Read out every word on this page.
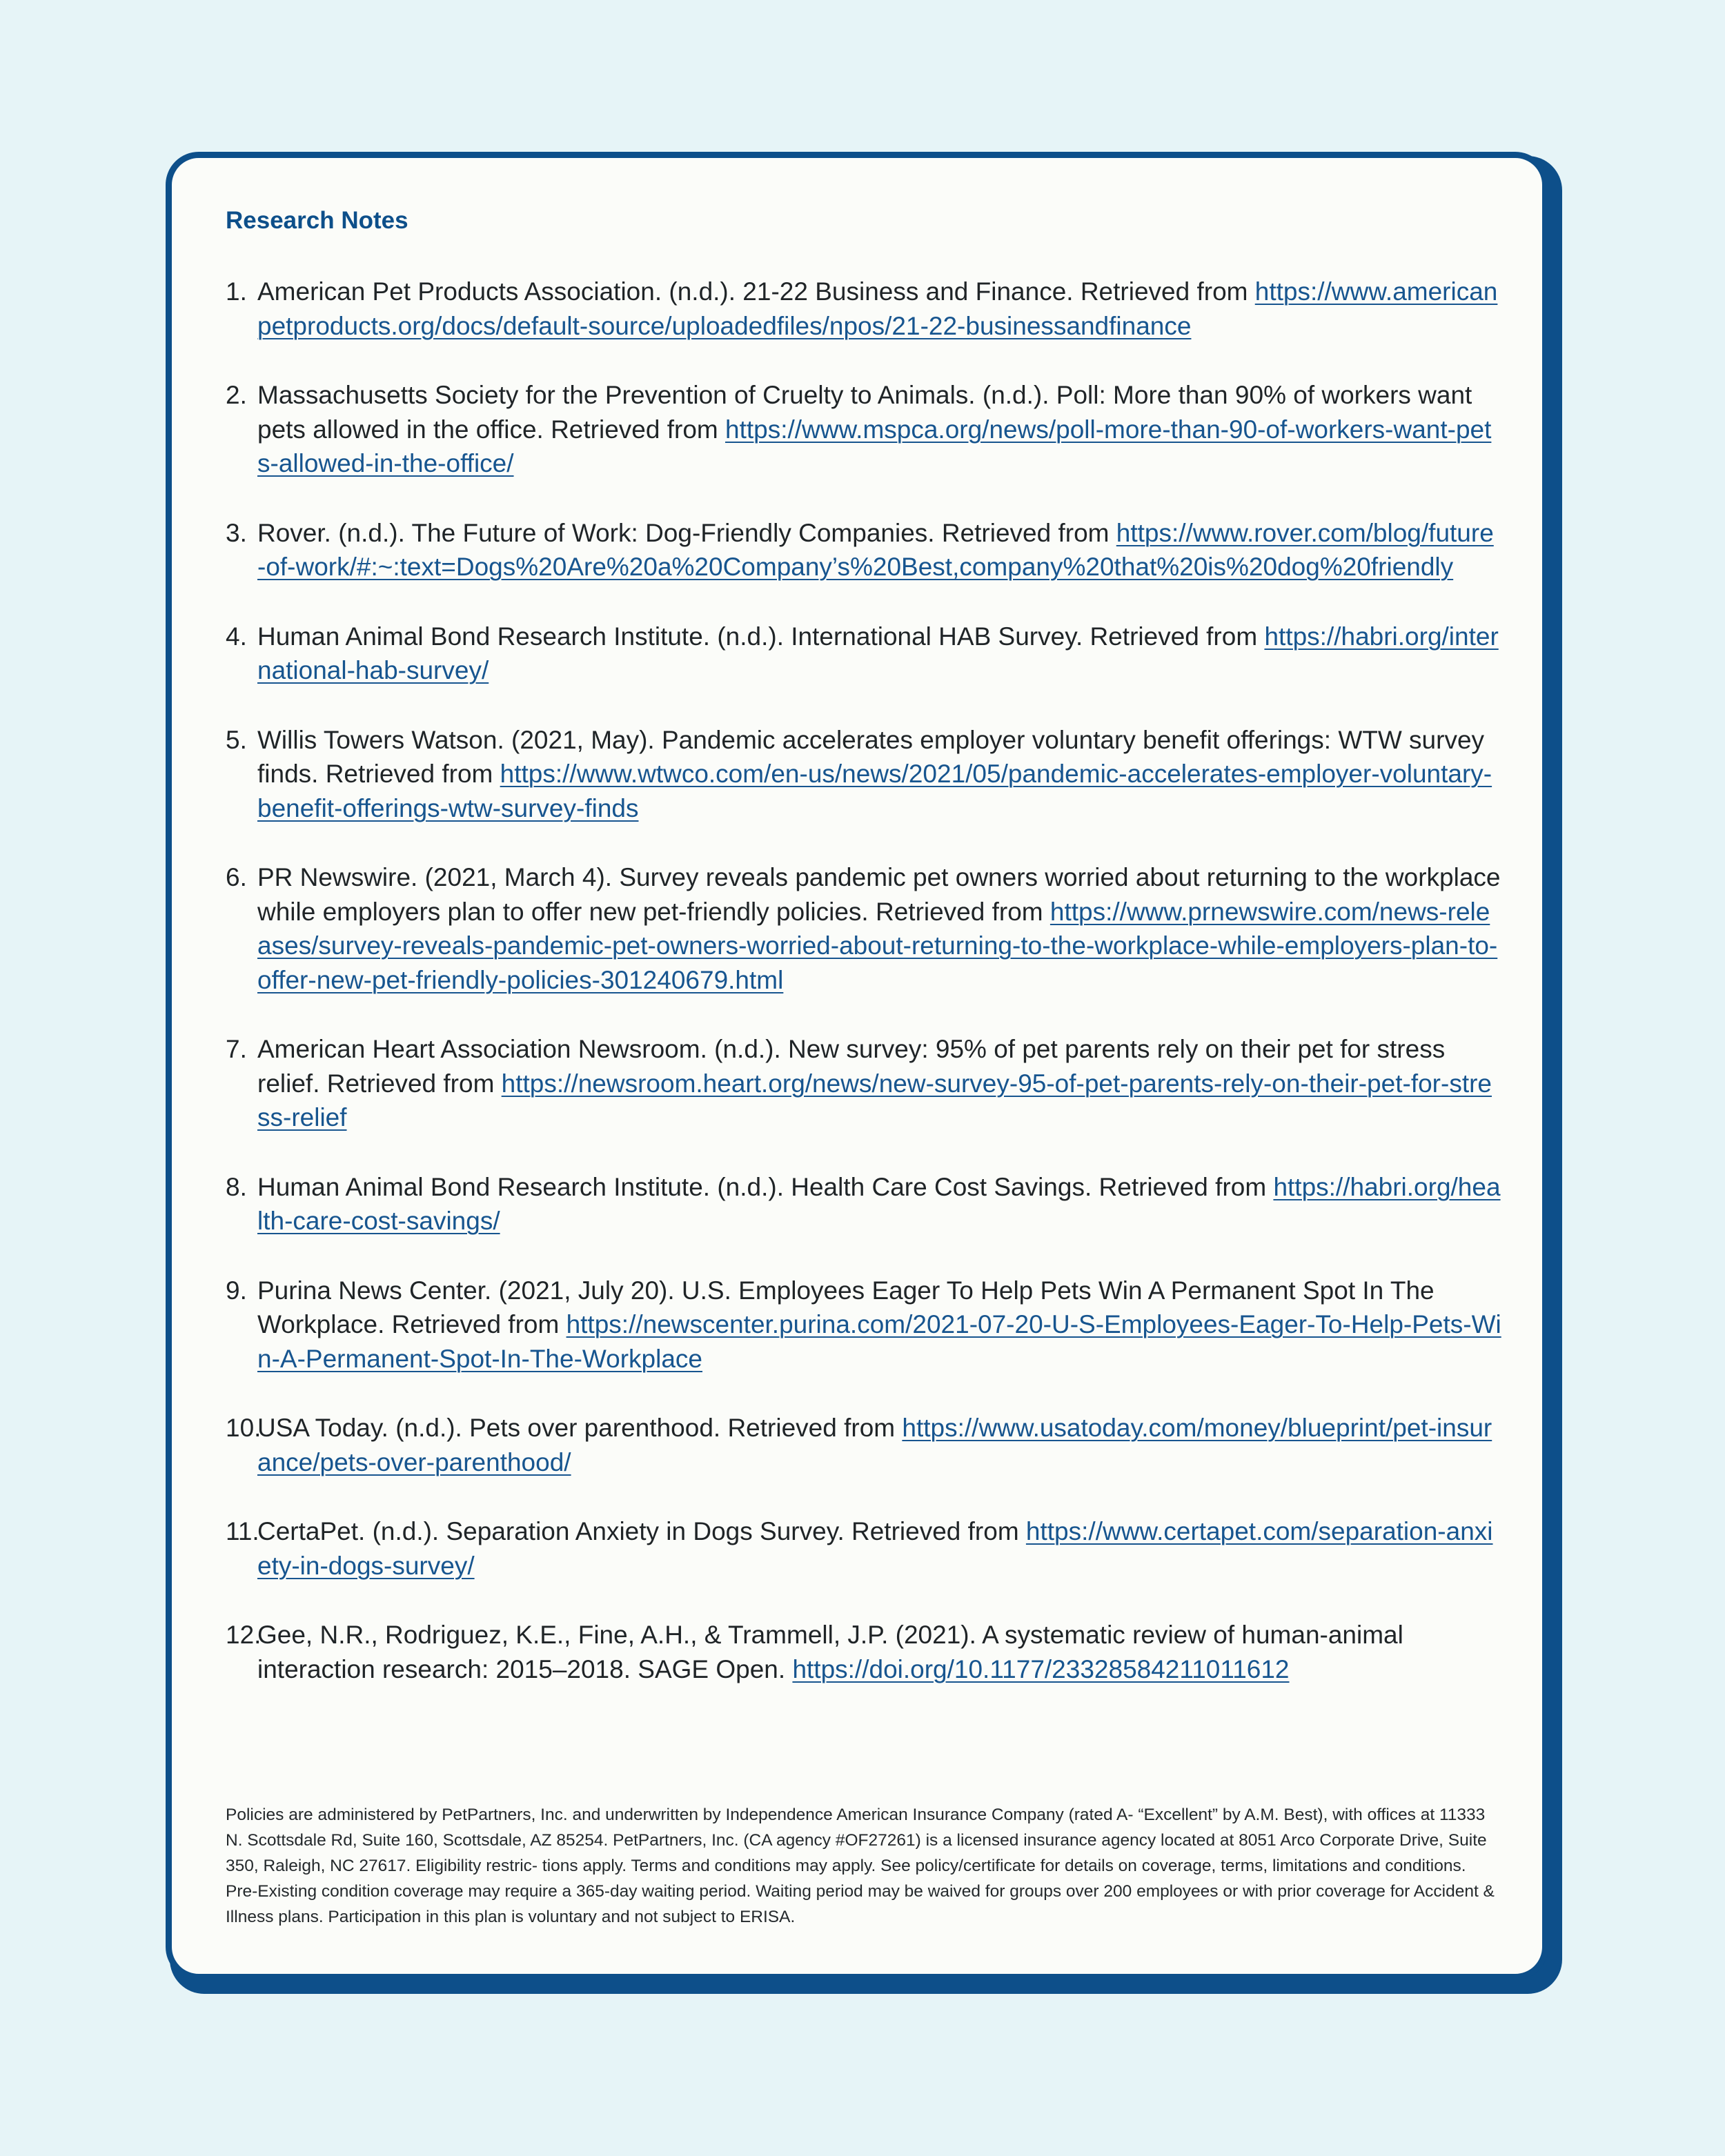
Research Notes
1. American Pet Products Association. (n.d.). 21-22 Business and Finance. Retrieved from https://www.americanpetproducts.org/docs/default-source/uploadedfiles/npos/21-22-businessandfinance
2. Massachusetts Society for the Prevention of Cruelty to Animals. (n.d.). Poll: More than 90% of workers want pets allowed in the office. Retrieved from https://www.mspca.org/news/poll-more-than-90-of-workers-want-pets-allowed-in-the-office/
3. Rover. (n.d.). The Future of Work: Dog-Friendly Companies. Retrieved from https://www.rover.com/blog/future-of-work/#:~:text=Dogs%20Are%20a%20Company’s%20Best,company%20that%20is%20dog%20friendly
4. Human Animal Bond Research Institute. (n.d.). International HAB Survey. Retrieved from https://habri.org/international-hab-survey/
5. Willis Towers Watson. (2021, May). Pandemic accelerates employer voluntary benefit offerings: WTW survey finds. Retrieved from https://www.wtwco.com/en-us/news/2021/05/pandemic-accelerates-employer-voluntary-benefit-offerings-wtw-survey-finds
6. PR Newswire. (2021, March 4). Survey reveals pandemic pet owners worried about returning to the workplace while employers plan to offer new pet-friendly policies. Retrieved from https://www.prnewswire.com/news-releases/survey-reveals-pandemic-pet-owners-worried-about-returning-to-the-workplace-while-employers-plan-to-offer-new-pet-friendly-policies-301240679.html
7. American Heart Association Newsroom. (n.d.). New survey: 95% of pet parents rely on their pet for stress relief. Retrieved from https://newsroom.heart.org/news/new-survey-95-of-pet-parents-rely-on-their-pet-for-stress-relief
8. Human Animal Bond Research Institute. (n.d.). Health Care Cost Savings. Retrieved from https://habri.org/health-care-cost-savings/
9. Purina News Center. (2021, July 20). U.S. Employees Eager To Help Pets Win A Permanent Spot In The Workplace. Retrieved from https://newscenter.purina.com/2021-07-20-U-S-Employees-Eager-To-Help-Pets-Win-A-Permanent-Spot-In-The-Workplace
10.
USA Today. (n.d.). Pets over parenthood. Retrieved from https://www.usatoday.com/money/blueprint/pet-insurance/pets-over-parenthood/
11.
CertaPet. (n.d.). Separation Anxiety in Dogs Survey. Retrieved from https://www.certapet.com/separation-anxiety-in-dogs-survey/
12.
Gee, N.R., Rodriguez, K.E., Fine, A.H., & Trammell, J.P. (2021). A systematic review of human-animal interaction research: 2015–2018. SAGE Open. https://doi.org/10.1177/23328584211011612

Policies are administered by PetPartners, Inc. and underwritten by Independence American Insurance Company (rated A- “Excellent” by A.M. Best), with offices at 11333 N. Scottsdale Rd, Suite 160, Scottsdale, AZ 85254. PetPartners, Inc. (CA agency #OF27261) is a licensed insurance agency located at 8051 Arco Corporate Drive, Suite 350, Raleigh, NC 27617. Eligibility restric- tions apply. Terms and conditions may apply. See policy/certificate for details on coverage, terms, limitations and conditions. Pre-Existing condition coverage may require a 365-day waiting period. Waiting period may be waived for groups over 200 employees or with prior coverage for Accident & Illness plans. Participation in this plan is voluntary and not subject to ERISA.
